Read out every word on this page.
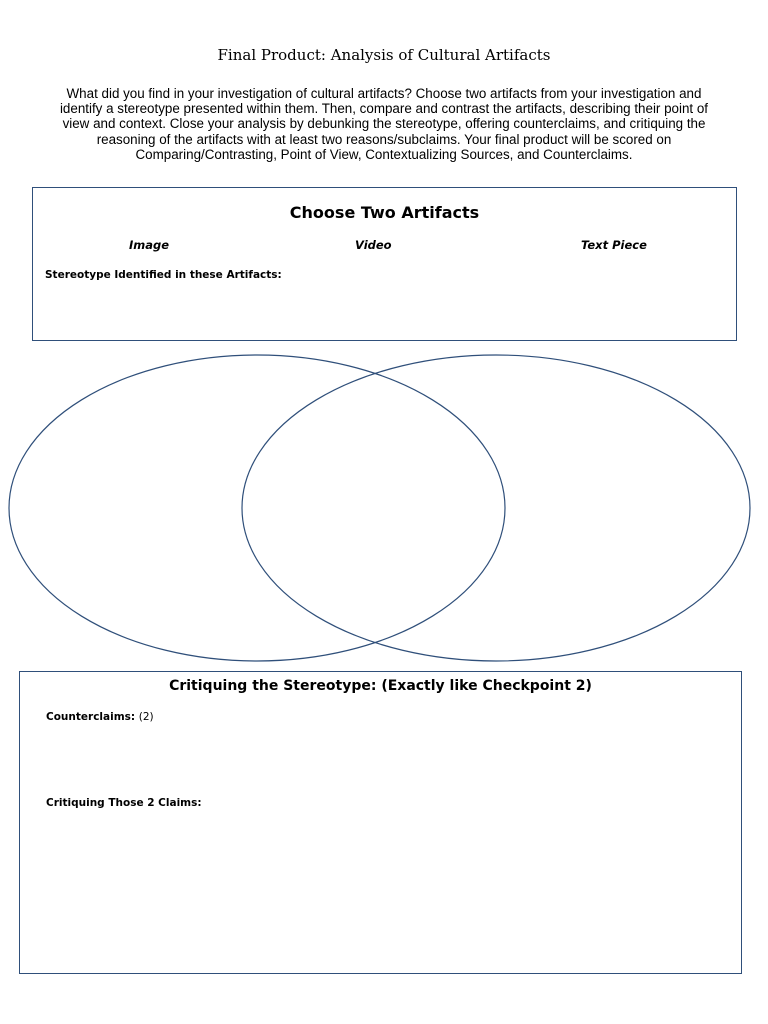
Final Product: Analysis of Cultural Artifacts
What did you find in your investigation of cultural artifacts? Choose two artifacts from your investigation and
identify a stereotype presented within them. Then, compare and contrast the artifacts, describing their point of
view and context. Close your analysis by debunking the stereotype, offering counterclaims, and critiquing the
reasoning of the artifacts with at least two reasons/subclaims. Your final product will be scored on
Comparing/Contrasting, Point of View, Contextualizing Sources, and Counterclaims.
Choose Two Artifacts
Image	Video	Text Piece
Stereotype Identified in these Artifacts:
Critiquing the Stereotype: (Exactly like Checkpoint 2)
Counterclaims: (2)
Critiquing Those 2 Claims:
